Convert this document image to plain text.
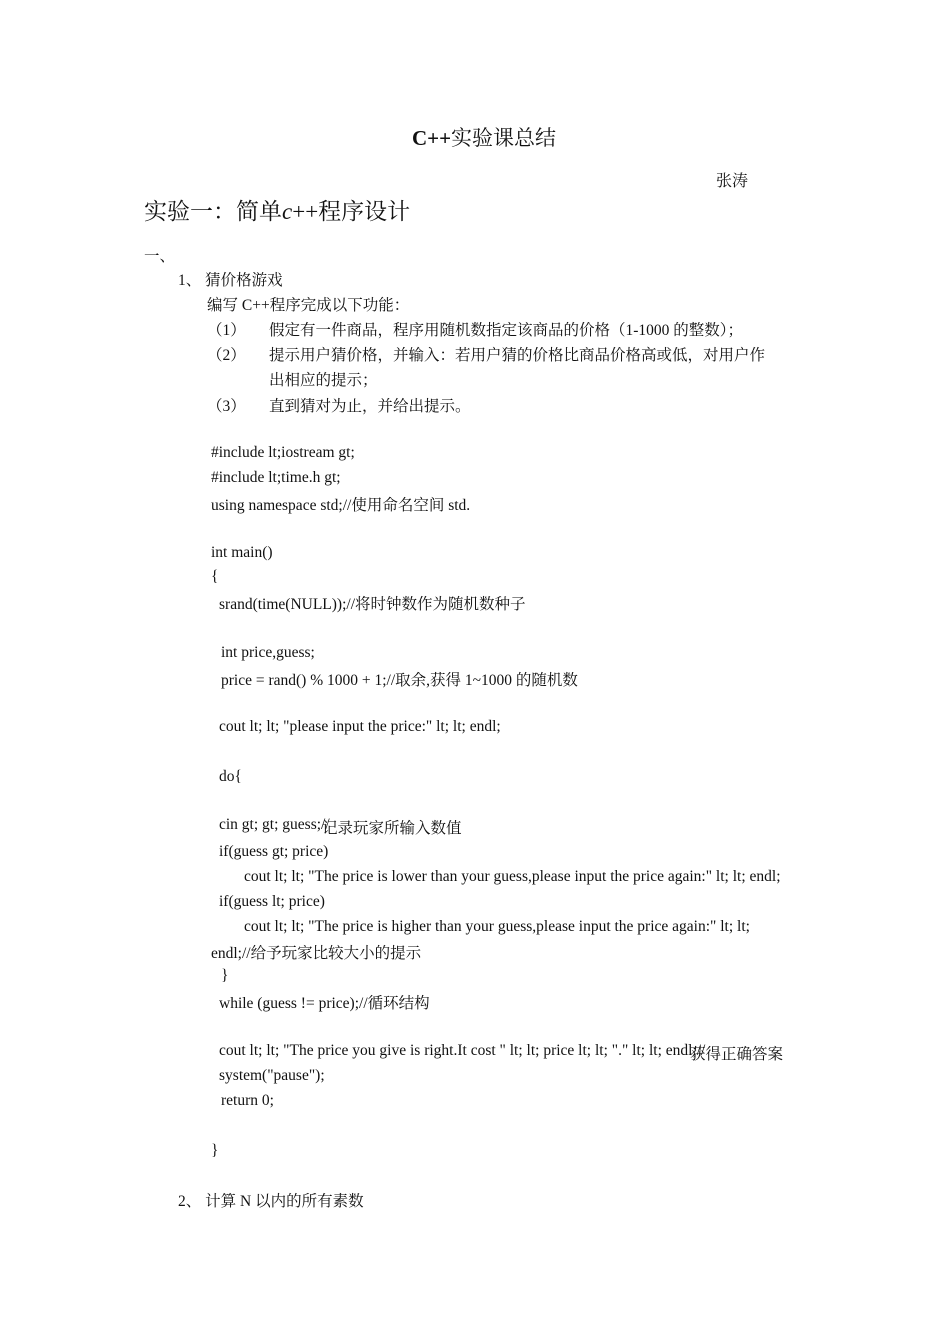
C++实验课总结
张涛
实验一：简单c++程序设计
一、
1、 猜价格游戏
编写 C++程序完成以下功能：
（1） 假定有一件商品，程序用随机数指定该商品的价格（1-1000 的整数）；
（2） 提示用户猜价格，并输入：若用户猜的价格比商品价格高或低，对用户作
出相应的提示；
（3） 直到猜对为止，并给出提示。
#include lt;iostream gt;
#include lt;time.h gt;
using namespace std;//使用命名空间 std.
int main()
{
srand(time(NULL));//将时钟数作为随机数种子
int price,guess;
price = rand() % 1000 + 1;//取余,获得 1~1000 的随机数
cout lt; lt; "please input the price:" lt; lt; endl;
do{
cin gt; gt; guess;//
记录玩家所输入数值
if(guess gt; price)
cout lt; lt; "The price is lower than your guess,please input the price again:" lt; lt; endl;
if(guess lt; price)
cout lt; lt; "The price is higher than your guess,please input the price again:" lt; lt;
endl;//给予玩家比较大小的提示
}
while (guess != price);//循环结构
cout lt; lt; "The price you give is right.It cost " lt; lt; price lt; lt; "." lt; lt; endl;//
获得正确答案
system("pause");
return 0;
}
2、 计算 N 以内的所有素数
